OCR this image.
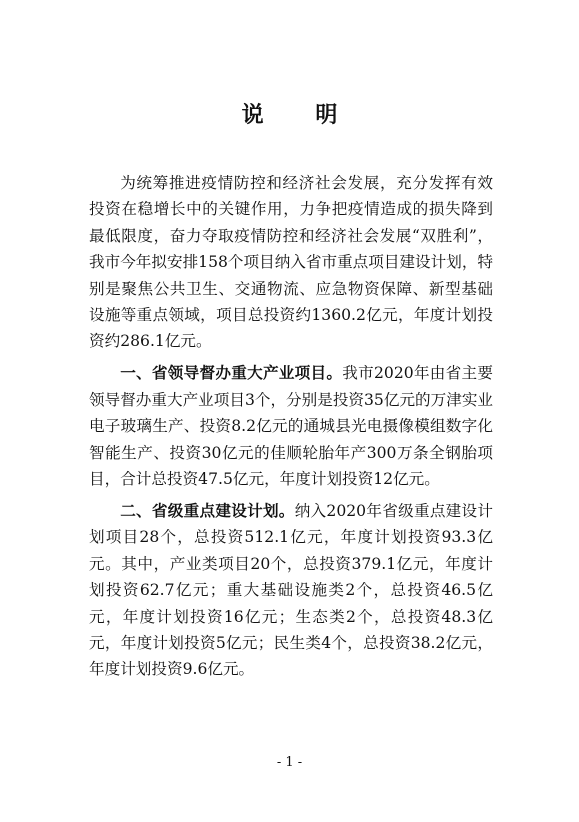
说 明

为统筹推进疫情防控和经济社会发展，充分发挥有效投资在稳增长中的关键作用，力争把疫情造成的损失降到最低限度，奋力夺取疫情防控和经济社会发展“双胜利”，我市今年拟安排158个项目纳入省市重点项目建设计划，特别是聚焦公共卫生、交通物流、应急物资保障、新型基础设施等重点领域，项目总投资约1360.2亿元，年度计划投资约286.1亿元。

一、省领导督办重大产业项目。我市2020年由省主要领导督办重大产业项目3个，分别是投资35亿元的万津实业电子玻璃生产、投资8.2亿元的通城县光电摄像模组数字化智能生产、投资30亿元的佳顺轮胎年产300万条全钢胎项目，合计总投资47.5亿元，年度计划投资12亿元。

二、省级重点建设计划。纳入2020年省级重点建设计划项目28个，总投资512.1亿元，年度计划投资93.3亿元。其中，产业类项目20个，总投资379.1亿元，年度计划投资62.7亿元；重大基础设施类2个，总投资46.5亿元，年度计划投资16亿元；生态类2个，总投资48.3亿元，年度计划投资5亿元；民生类4个，总投资38.2亿元，年度计划投资9.6亿元。

- 1 -
